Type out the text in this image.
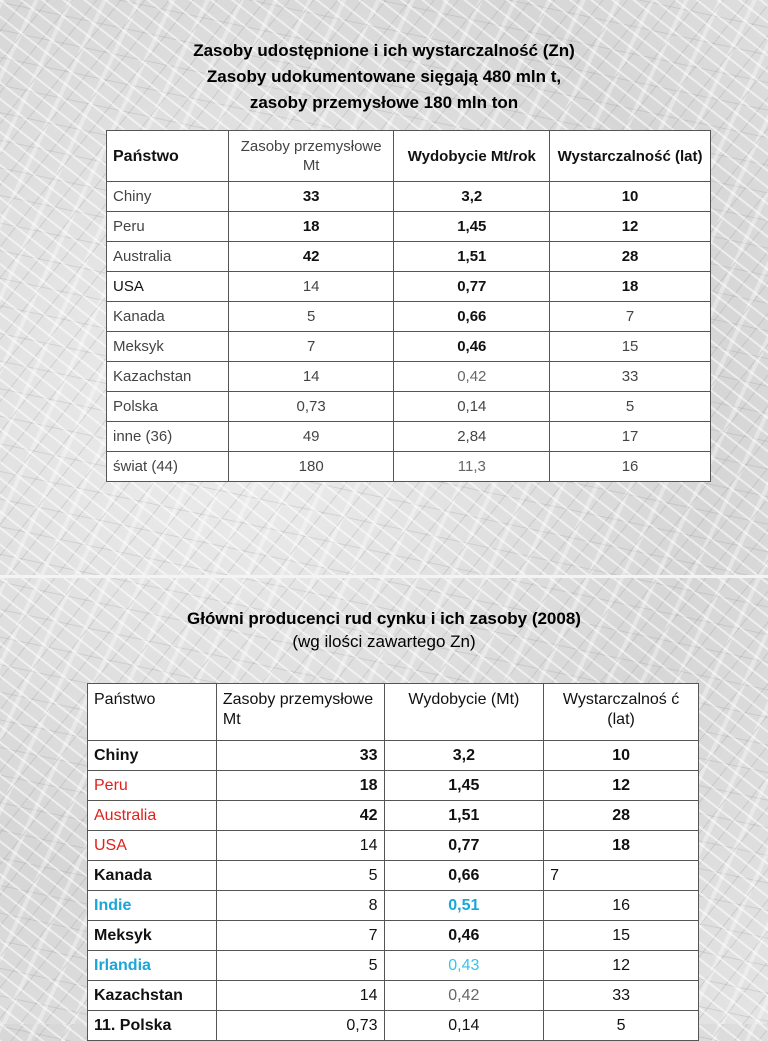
Zasoby udostępnione i ich wystarczalność (Zn)
Zasoby udokumentowane sięgają 480 mln t,
zasoby przemysłowe 180 mln ton
Państwo	Zasoby przemysłowe Mt	Wydobycie Mt/rok	Wystarczalność (lat)
Chiny	33	3,2	10
Peru	18	1,45	12
Australia	42	1,51	28
USA	14	0,77	18
Kanada	5	0,66	7
Meksyk	7	0,46	15
Kazachstan	14	0,42	33
Polska	0,73	0,14	5
inne (36)	49	2,84	17
świat (44)	180	11,3	16
Główni producenci rud cynku i ich zasoby (2008)
(wg ilości zawartego Zn)
Państwo	Zasoby przemysłowe Mt	Wydobycie (Mt)	Wystarczalnoś ć (lat)
Chiny	33	3,2	10
Peru	18	1,45	12
Australia	42	1,51	28
USA	14	0,77	18
Kanada	5	0,66	7
Indie	8	0,51	16
Meksyk	7	0,46	15
Irlandia	5	0,43	12
Kazachstan	14	0,42	33
11. Polska	0,73	0,14	5
